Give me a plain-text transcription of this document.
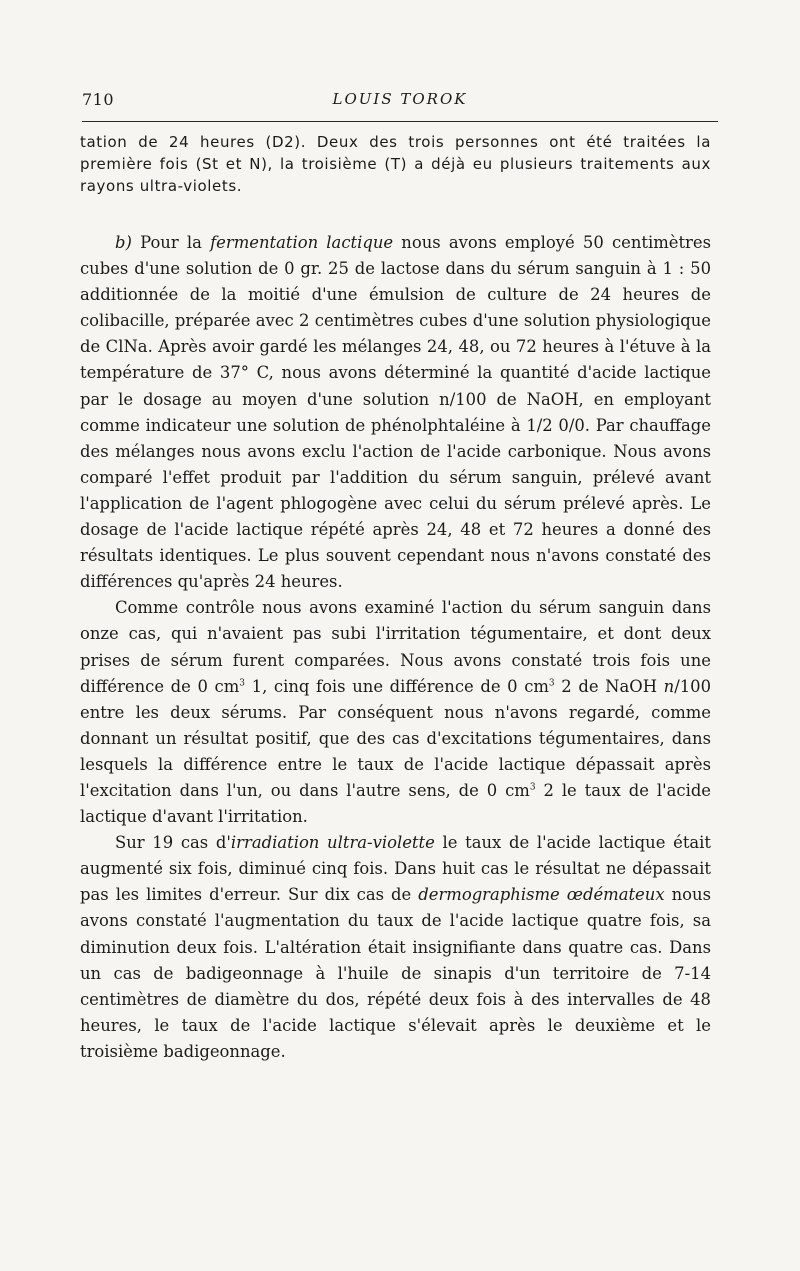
710	LOUIS TOROK

tation de 24 heures (D2). Deux des trois personnes ont été traitées la première fois (St et N), la troisième (T) a déjà eu plusieurs traitements aux rayons ultra-violets.

b) Pour la fermentation lactique nous avons employé 50 centimètres cubes d'une solution de 0 gr. 25 de lactose dans du sérum sanguin à 1 : 50 additionnée de la moitié d'une émulsion de culture de 24 heures de colibacille, préparée avec 2 centimètres cubes d'une solution physiologique de ClNa. Après avoir gardé les mélanges 24, 48, ou 72 heures à l'étuve à la température de 37° C, nous avons déterminé la quantité d'acide lactique par le dosage au moyen d'une solution n/100 de NaOH, en employant comme indicateur une solution de phénolphtaléine à 1/2 0/0. Par chauffage des mélanges nous avons exclu l'action de l'acide carbonique. Nous avons comparé l'effet produit par l'addition du sérum sanguin, prélevé avant l'application de l'agent phlogogène avec celui du sérum prélevé après. Le dosage de l'acide lactique répété après 24, 48 et 72 heures a donné des résultats identiques. Le plus souvent cependant nous n'avons constaté des différences qu'après 24 heures.

Comme contrôle nous avons examiné l'action du sérum sanguin dans onze cas, qui n'avaient pas subi l'irritation tégumentaire, et dont deux prises de sérum furent comparées. Nous avons constaté trois fois une différence de 0 $cm^3$ 1, cinq fois une différence de 0 $cm^3$ 2 de NaOH n/100 entre les deux sérums. Par conséquent nous n'avons regardé, comme donnant un résultat positif, que des cas d'excitations tégumentaires, dans lesquels la différence entre le taux de l'acide lactique dépassait après l'excitation dans l'un, ou dans l'autre sens, de 0 $cm^3$ 2 le taux de l'acide lactique d'avant l'irritation.

Sur 19 cas d'irradiation ultra-violette le taux de l'acide lactique était augmenté six fois, diminué cinq fois. Dans huit cas le résultat ne dépassait pas les limites d'erreur. Sur dix cas de dermographisme œdémateux nous avons constaté l'augmentation du taux de l'acide lactique quatre fois, sa diminution deux fois. L'altération était insignifiante dans quatre cas. Dans un cas de badigeonnage à l'huile de sinapis d'un territoire de 7-14 centimètres de diamètre du dos, répété deux fois à des intervalles de 48 heures, le taux de l'acide lactique s'élevait après le deuxième et le troisième badigeonnage.
